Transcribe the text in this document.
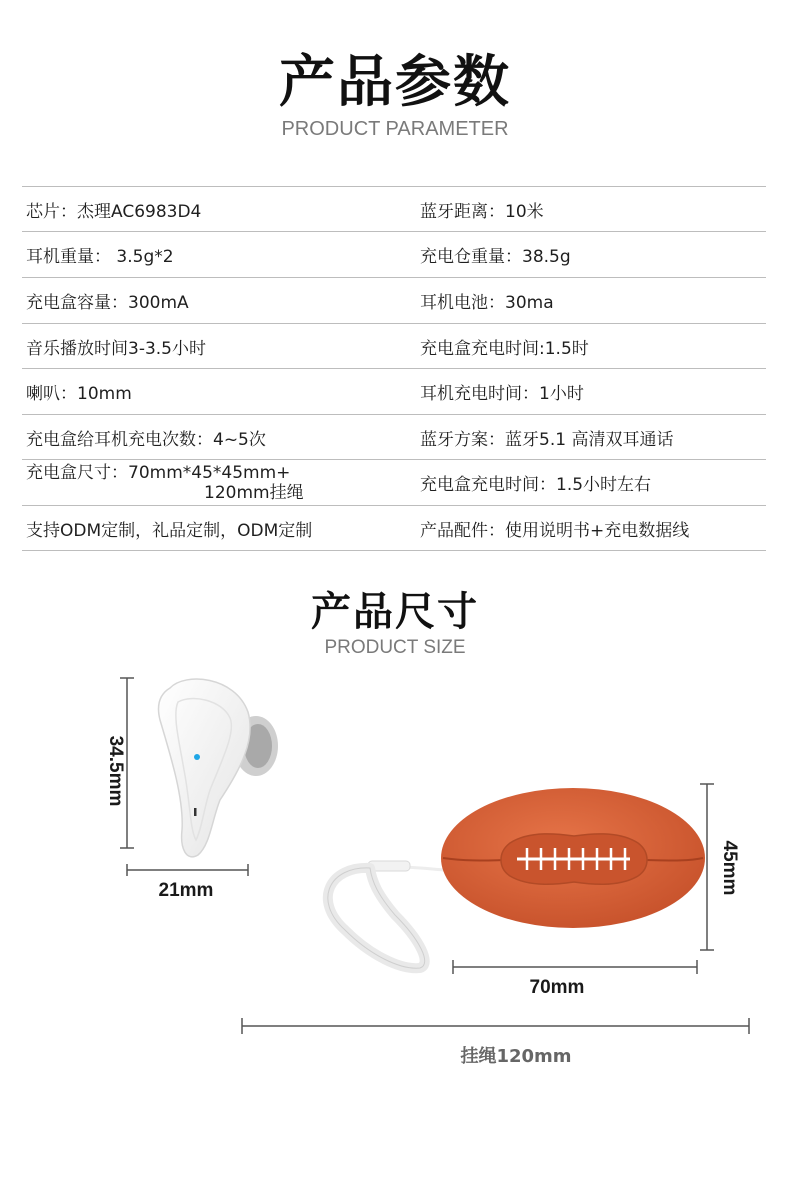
产品参数
PRODUCT PARAMETER
芯片：杰理AC6983D4	蓝牙距离：10米
耳机重量： 3.5g*2	充电仓重量：38.5g
充电盒容量：300mA	耳机电池：30ma
音乐播放时间3-3.5小时	充电盒充电时间:1.5时
喇叭：10mm	耳机充电时间：1小时
充电盒给耳机充电次数：4~5次	蓝牙方案：蓝牙5.1 高清双耳通话
充电盒尺寸：70mm*45*45mm+
120mm挂绳	充电盒充电时间：1.5小时左右
支持ODM定制，礼品定制，ODM定制	产品配件：使用说明书+充电数据线
产品尺寸
PRODUCT SIZE
34.5mm
21mm	45mm
70mm
挂绳120mm
